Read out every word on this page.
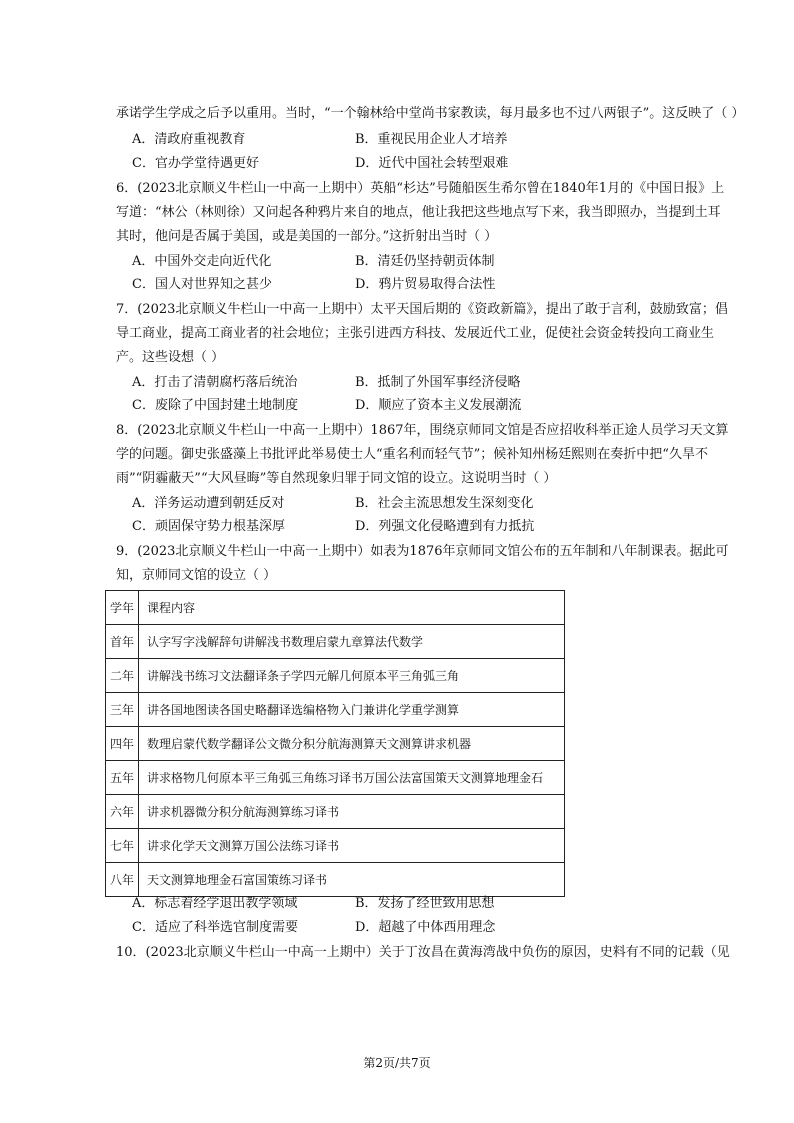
承诺学生学成之后予以重用。当时，“一个翰林给中堂尚书家教读，每月最多也不过八两银子”。这反映了（ ）
A．清政府重视教育	B．重视民用企业人才培养
C．官办学堂待遇更好	D．近代中国社会转型艰难
6．(2023北京顺义牛栏山一中高一上期中）英船“杉达”号随船医生希尔曾在1840年1月的《中国日报》上
写道：“林公（林则徐）又问起各种鸦片来自的地点，他让我把这些地点写下来，我当即照办，当提到土耳
其时，他问是否属于美国，或是美国的一部分。”这折射出当时（ ）
A．中国外交走向近代化	B．清廷仍坚持朝贡体制
C．国人对世界知之甚少	D．鸦片贸易取得合法性
7．(2023北京顺义牛栏山一中高一上期中）太平天国后期的《资政新篇》，提出了敢于言利，鼓励致富；倡
导工商业，提高工商业者的社会地位；主张引进西方科技、发展近代工业，促使社会资金转投向工商业生
产。这些设想（ ）
A．打击了清朝腐朽落后统治	B．抵制了外国军事经济侵略
C．废除了中国封建土地制度	D．顺应了资本主义发展潮流
8．(2023北京顺义牛栏山一中高一上期中）1867年，围绕京师同文馆是否应招收科举正途人员学习天文算
学的问题。御史张盛藻上书批评此举易使士人“重名利而轻气节”；候补知州杨廷熙则在奏折中把“久旱不
雨”“阴霾蔽天”“大风昼晦”等自然现象归罪于同文馆的设立。这说明当时（ ）
A．洋务运动遭到朝廷反对	B．社会主流思想发生深刻变化
C．顽固保守势力根基深厚	D．列强文化侵略遭到有力抵抗
9．(2023北京顺义牛栏山一中高一上期中）如表为1876年京师同文馆公布的五年制和八年制课表。据此可
知，京师同文馆的设立（ ）
学年	课程内容
首年	认字写字浅解辞句讲解浅书数理启蒙九章算法代数学
二年	讲解浅书练习文法翻译条子学四元解几何原本平三角弧三角
三年	讲各国地图读各国史略翻译选编格物入门兼讲化学重学测算
四年	数理启蒙代数学翻译公文微分积分航海测算天文测算讲求机器
五年	讲求格物几何原本平三角弧三角练习译书万国公法富国策天文测算地理金石
六年	讲求机器微分积分航海测算练习译书
七年	讲求化学天文测算万国公法练习译书
八年	天文测算地理金石富国策练习译书
A．标志着经学退出教学领域	B．发扬了经世致用思想
C．适应了科举选官制度需要	D．超越了中体西用理念
10．(2023北京顺义牛栏山一中高一上期中）关于丁汝昌在黄海湾战中负伤的原因，史料有不同的记载（见
第2页/共7页
